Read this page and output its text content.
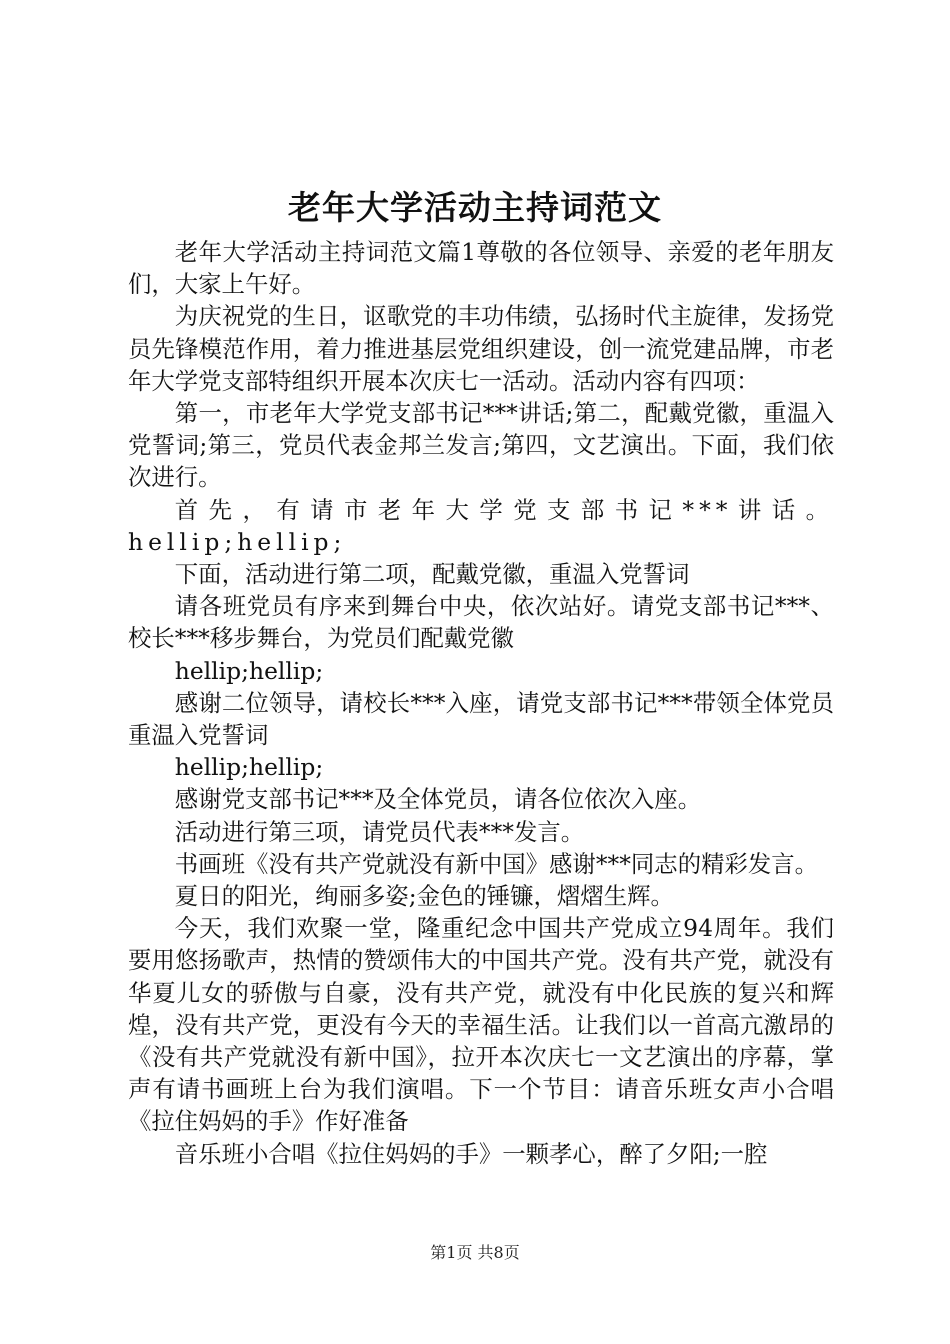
老年大学活动主持词范文

老年大学活动主持词范文篇1尊敬的各位领导、亲爱的老年朋友们，大家上午好。

为庆祝党的生日，讴歌党的丰功伟绩，弘扬时代主旋律，发扬党员先锋模范作用，着力推进基层党组织建设，创一流党建品牌，市老年大学党支部特组织开展本次庆七一活动。活动内容有四项：

第一，市老年大学党支部书记***讲话;第二，配戴党徽，重温入党誓词;第三，党员代表金邦兰发言;第四，文艺演出。下面，我们依次进行。

首先，有请市老年大学党支部书记***讲话。hellip;hellip;

下面，活动进行第二项，配戴党徽，重温入党誓词

请各班党员有序来到舞台中央，依次站好。请党支部书记***、校长***移步舞台，为党员们配戴党徽

hellip;hellip;

感谢二位领导，请校长***入座，请党支部书记***带领全体党员重温入党誓词

hellip;hellip;

感谢党支部书记***及全体党员，请各位依次入座。

活动进行第三项，请党员代表***发言。

书画班《没有共产党就没有新中国》感谢***同志的精彩发言。

夏日的阳光，绚丽多姿;金色的锤镰，熠熠生辉。

今天，我们欢聚一堂，隆重纪念中国共产党成立94周年。我们要用悠扬歌声，热情的赞颂伟大的中国共产党。没有共产党，就没有华夏儿女的骄傲与自豪，没有共产党，就没有中化民族的复兴和辉煌，没有共产党，更没有今天的幸福生活。让我们以一首高亢激昂的《没有共产党就没有新中国》，拉开本次庆七一文艺演出的序幕，掌声有请书画班上台为我们演唱。下一个节目：请音乐班女声小合唱《拉住妈妈的手》作好准备

音乐班小合唱《拉住妈妈的手》一颗孝心，醉了夕阳;一腔

第1页 共8页
